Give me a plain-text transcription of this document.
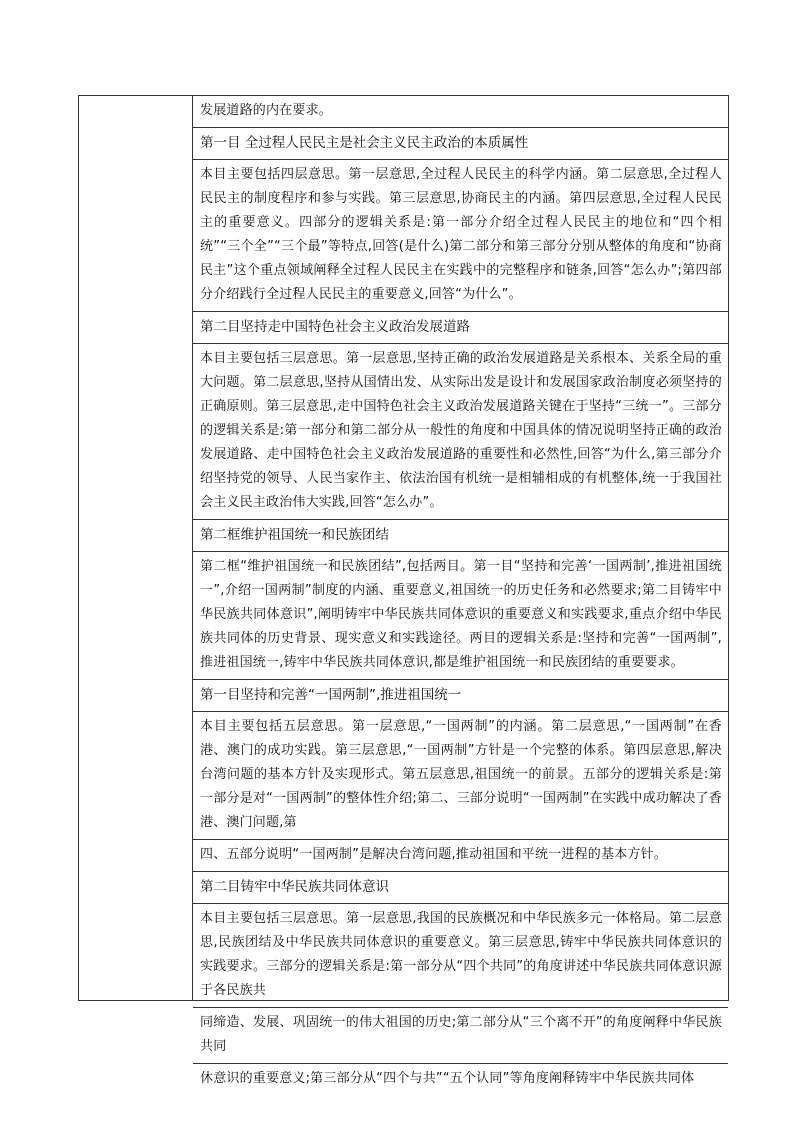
发展道路的内在要求。
第一目 全过程人民民主是社会主义民主政治的本质属性
本目主要包括四层意思。第一层意思,全过程人民民主的科学内涵。第二层意思,全过程人民民主的制度程序和参与实践。第三层意思,协商民主的内涵。第四层意思,全过程人民民主的重要意义。四部分的逻辑关系是:第一部分介绍全过程人民民主的地位和“四个相统”“三个全”“三个最”等特点,回答(是什么)第二部分和第三部分分别从整体的角度和“协商民主”这个重点领域阐释全过程人民民主在实践中的完整程序和链条,回答“怎么办”;第四部分介绍践行全过程人民民主的重要意义,回答“为什么”。
第二目坚持走中国特色社会主义政治发展道路
本目主要包括三层意思。第一层意思,坚持正确的政治发展道路是关系根本、关系全局的重大问题。第二层意思,坚持从国情出发、从实际出发是设计和发展国家政治制度必须坚持的正确原则。第三层意思,走中国特色社会主义政治发展道路关键在于坚持“三统一”。三部分的逻辑关系是:第一部分和第二部分从一般性的角度和中国具体的情况说明坚持正确的政治发展道路、走中国特色社会主义政治发展道路的重要性和必然性,回答“为什么,第三部分介绍坚持党的领导、人民当家作主、依法治国有机统一是相辅相成的有机整体,统一于我国社会主义民主政治伟大实践,回答“怎么办”。
第二框维护祖国统一和民族团结
第二框“维护祖国统一和民族团结”,包括两目。第一目“坚持和完善‘一国两制’,推进祖国统一”,介绍一国两制”制度的内涵、重要意义,祖国统一的历史任务和必然要求;第二目铸牢中华民族共同体意识”,阐明铸牢中华民族共同体意识的重要意义和实践要求,重点介绍中华民族共同体的历史背景、现实意义和实践途径。两目的逻辑关系是:坚持和完善“一国两制”,推进祖国统一,铸牢中华民族共同体意识,都是维护祖国统一和民族团结的重要要求。
第一目坚持和完善“一国两制”,推进祖国统一
本目主要包括五层意思。第一层意思,“一国两制”的内涵。第二层意思,“一国两制”在香港、澳门的成功实践。第三层意思,“一国两制”方针是一个完整的体系。第四层意思,解决台湾问题的基本方针及实现形式。第五层意思,祖国统一的前景。五部分的逻辑关系是:第一部分是对“一国两制”的整体性介绍;第二、三部分说明“一国两制”在实践中成功解决了香港、澳门问题,第
四、五部分说明“一国两制”是解决台湾问题,推动祖国和平统一进程的基本方针。
第二目铸牢中华民族共同体意识
本目主要包括三层意思。第一层意思,我国的民族概况和中华民族多元一体格局。第二层意思,民族团结及中华民族共同体意识的重要意义。第三层意思,铸牢中华民族共同体意识的实践要求。三部分的逻辑关系是:第一部分从“四个共同”的角度讲述中华民族共同体意识源于各民族共
同缔造、发展、巩固统一的伟大祖国的历史;第二部分从“三个离不开”的角度阐释中华民族共同
休意识的重要意义;第三部分从“四个与共”“五个认同”等角度阐释铸牢中华民族共同体
